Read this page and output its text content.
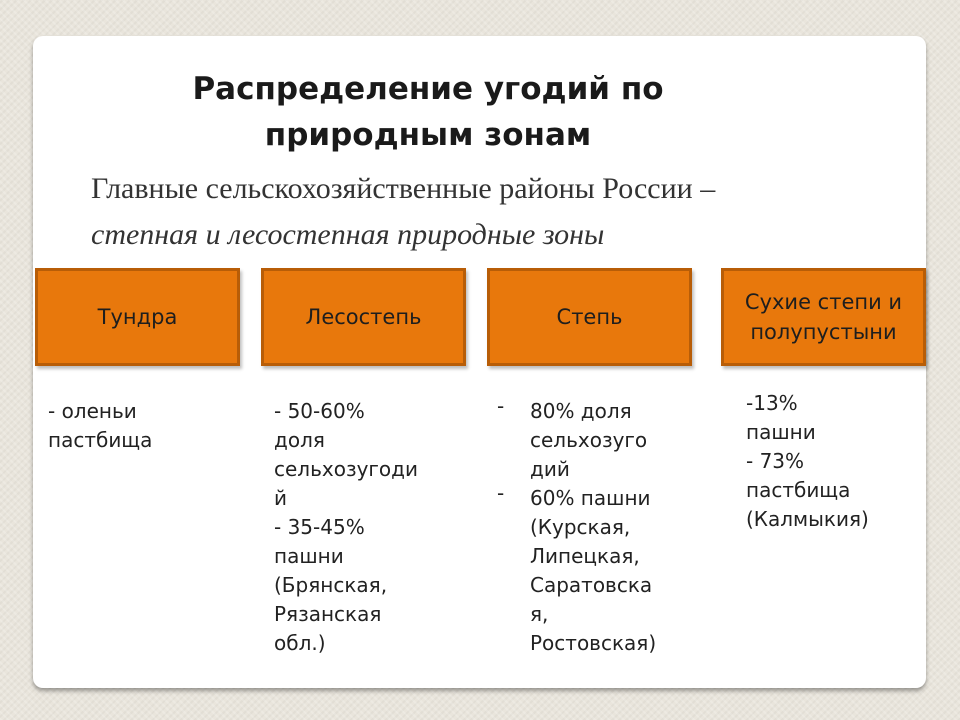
Распределение угодий по
природным зонам
Главные сельскохозяйственные районы России –
степная и лесостепная природные зоны
Тундра	Лесостепь	Степь
Сухие степи и
полупустыни
- оленьи
пастбища
- 50-60%
доля
сельхозугоди
й
- 35-45%
пашни
(Брянская,
Рязанская
обл.)
- 80% доля
сельхозуго
дий
- 60% пашни
(Курская,
Липецкая,
Саратовска
я,
Ростовская)
-13%
пашни
- 73%
пастбища
(Калмыкия)
